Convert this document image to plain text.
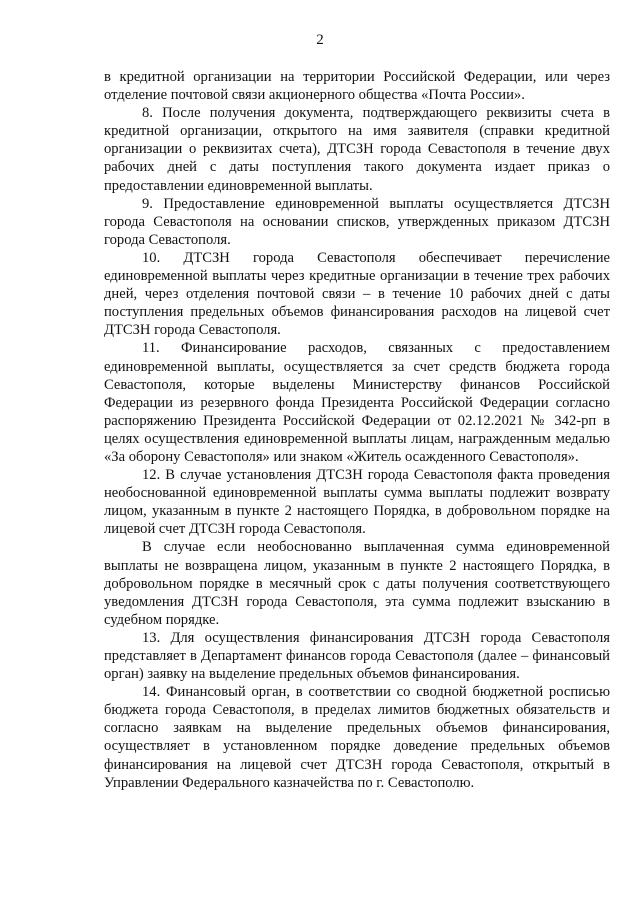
2

в кредитной организации на территории Российской Федерации, или через отделение почтовой связи акционерного общества «Почта России».

8. После получения документа, подтверждающего реквизиты счета в кредитной организации, открытого на имя заявителя (справки кредитной организации о реквизитах счета), ДТСЗН города Севастополя в течение двух рабочих дней с даты поступления такого документа издает приказ о предоставлении единовременной выплаты.

9. Предоставление единовременной выплаты осуществляется ДТСЗН города Севастополя на основании списков, утвержденных приказом ДТСЗН города Севастополя.

10. ДТСЗН города Севастополя обеспечивает перечисление единовременной выплаты через кредитные организации в течение трех рабочих дней, через отделения почтовой связи – в течение 10 рабочих дней с даты поступления предельных объемов финансирования расходов на лицевой счет ДТСЗН города Севастополя.

11. Финансирование расходов, связанных с предоставлением единовременной выплаты, осуществляется за счет средств бюджета города Севастополя, которые выделены Министерству финансов Российской Федерации из резервного фонда Президента Российской Федерации согласно распоряжению Президента Российской Федерации от 02.12.2021 № 342-рп в целях осуществления единовременной выплаты лицам, награжденным медалью «За оборону Севастополя» или знаком «Житель осажденного Севастополя».

12. В случае установления ДТСЗН города Севастополя факта проведения необоснованной единовременной выплаты сумма выплаты подлежит возврату лицом, указанным в пункте 2 настоящего Порядка, в добровольном порядке на лицевой счет ДТСЗН города Севастополя.

В случае если необоснованно выплаченная сумма единовременной выплаты не возвращена лицом, указанным в пункте 2 настоящего Порядка, в добровольном порядке в месячный срок с даты получения соответствующего уведомления ДТСЗН города Севастополя, эта сумма подлежит взысканию в судебном порядке.

13. Для осуществления финансирования ДТСЗН города Севастополя представляет в Департамент финансов города Севастополя (далее – финансовый орган) заявку на выделение предельных объемов финансирования.

14. Финансовый орган, в соответствии со сводной бюджетной росписью бюджета города Севастополя, в пределах лимитов бюджетных обязательств и согласно заявкам на выделение предельных объемов финансирования, осуществляет в установленном порядке доведение предельных объемов финансирования на лицевой счет ДТСЗН города Севастополя, открытый в Управлении Федерального казначейства по г. Севастополю.
